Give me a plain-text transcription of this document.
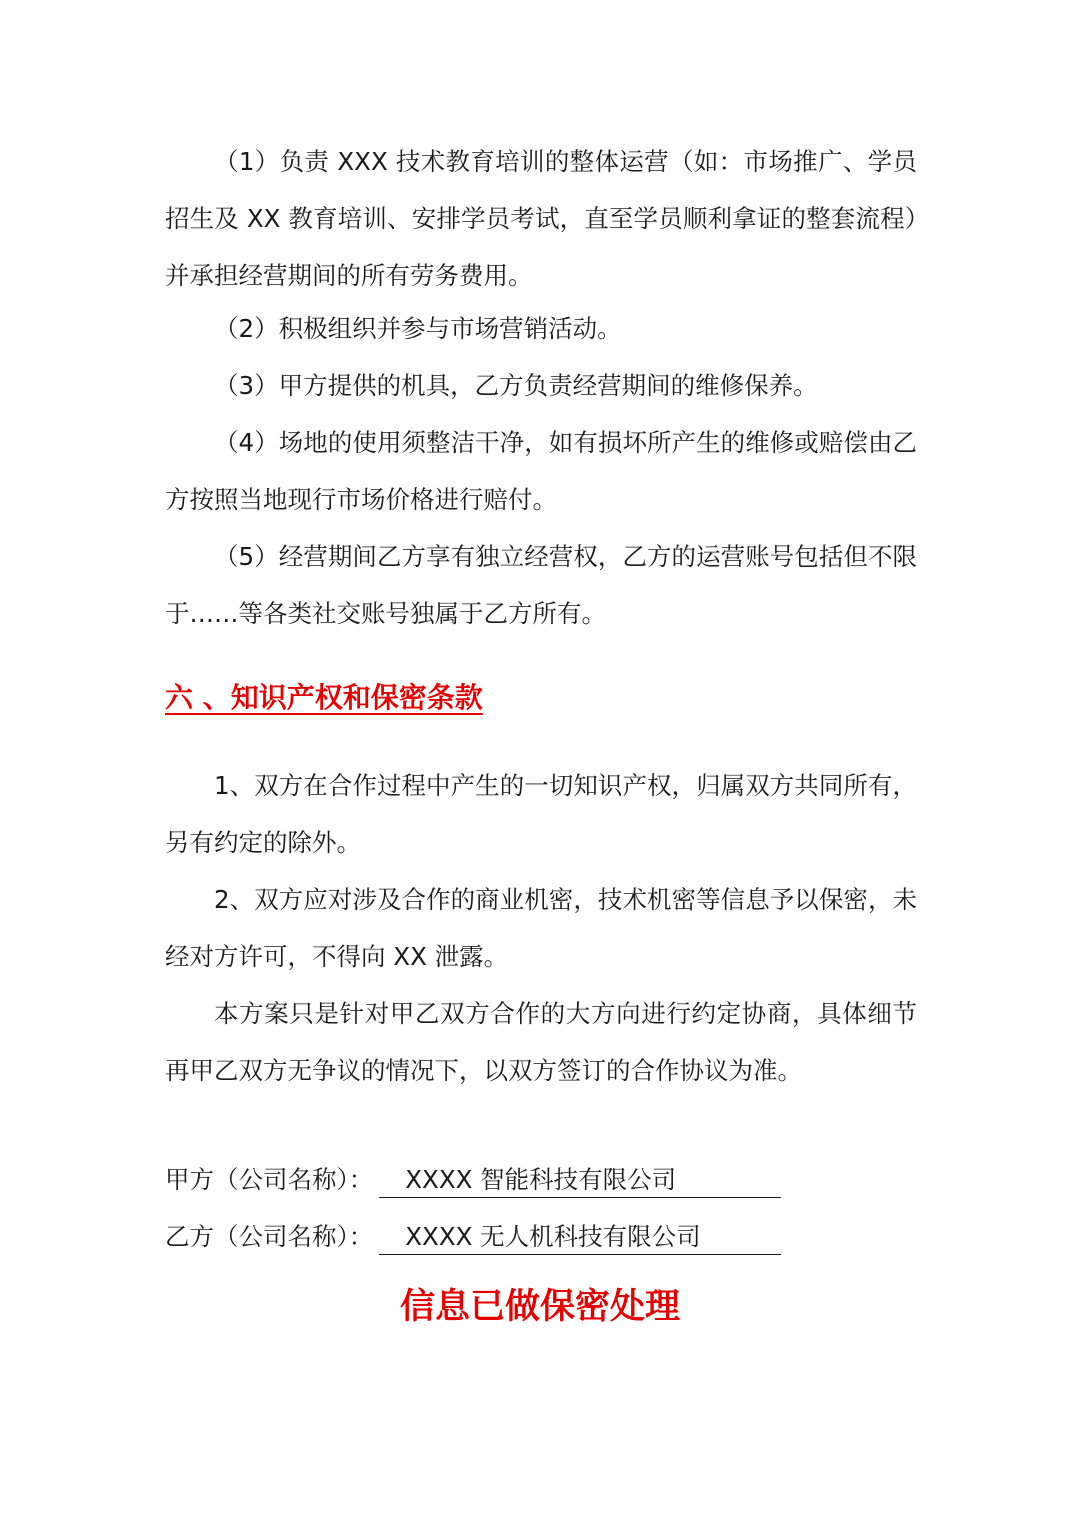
（1）负责 XXX 技术教育培训的整体运营（如：市场推广、学员招生及 XX 教育培训、安排学员考试，直至学员顺利拿证的整套流程）并承担经营期间的所有劳务费用。

（2）积极组织并参与市场营销活动。

（3）甲方提供的机具，乙方负责经营期间的维修保养。

（4）场地的使用须整洁干净，如有损坏所产生的维修或赔偿由乙方按照当地现行市场价格进行赔付。

（5）经营期间乙方享有独立经营权，乙方的运营账号包括但不限于……等各类社交账号独属于乙方所有。

六 、知识产权和保密条款

1、双方在合作过程中产生的一切知识产权，归属双方共同所有，另有约定的除外。

2、双方应对涉及合作的商业机密，技术机密等信息予以保密，未经对方许可，不得向 XX 泄露。

本方案只是针对甲乙双方合作的大方向进行约定协商，具体细节再甲乙双方无争议的情况下，以双方签订的合作协议为准。

甲方（公司名称）：	XXXX 智能科技有限公司
乙方（公司名称）：	XXXX 无人机科技有限公司

信息已做保密处理
